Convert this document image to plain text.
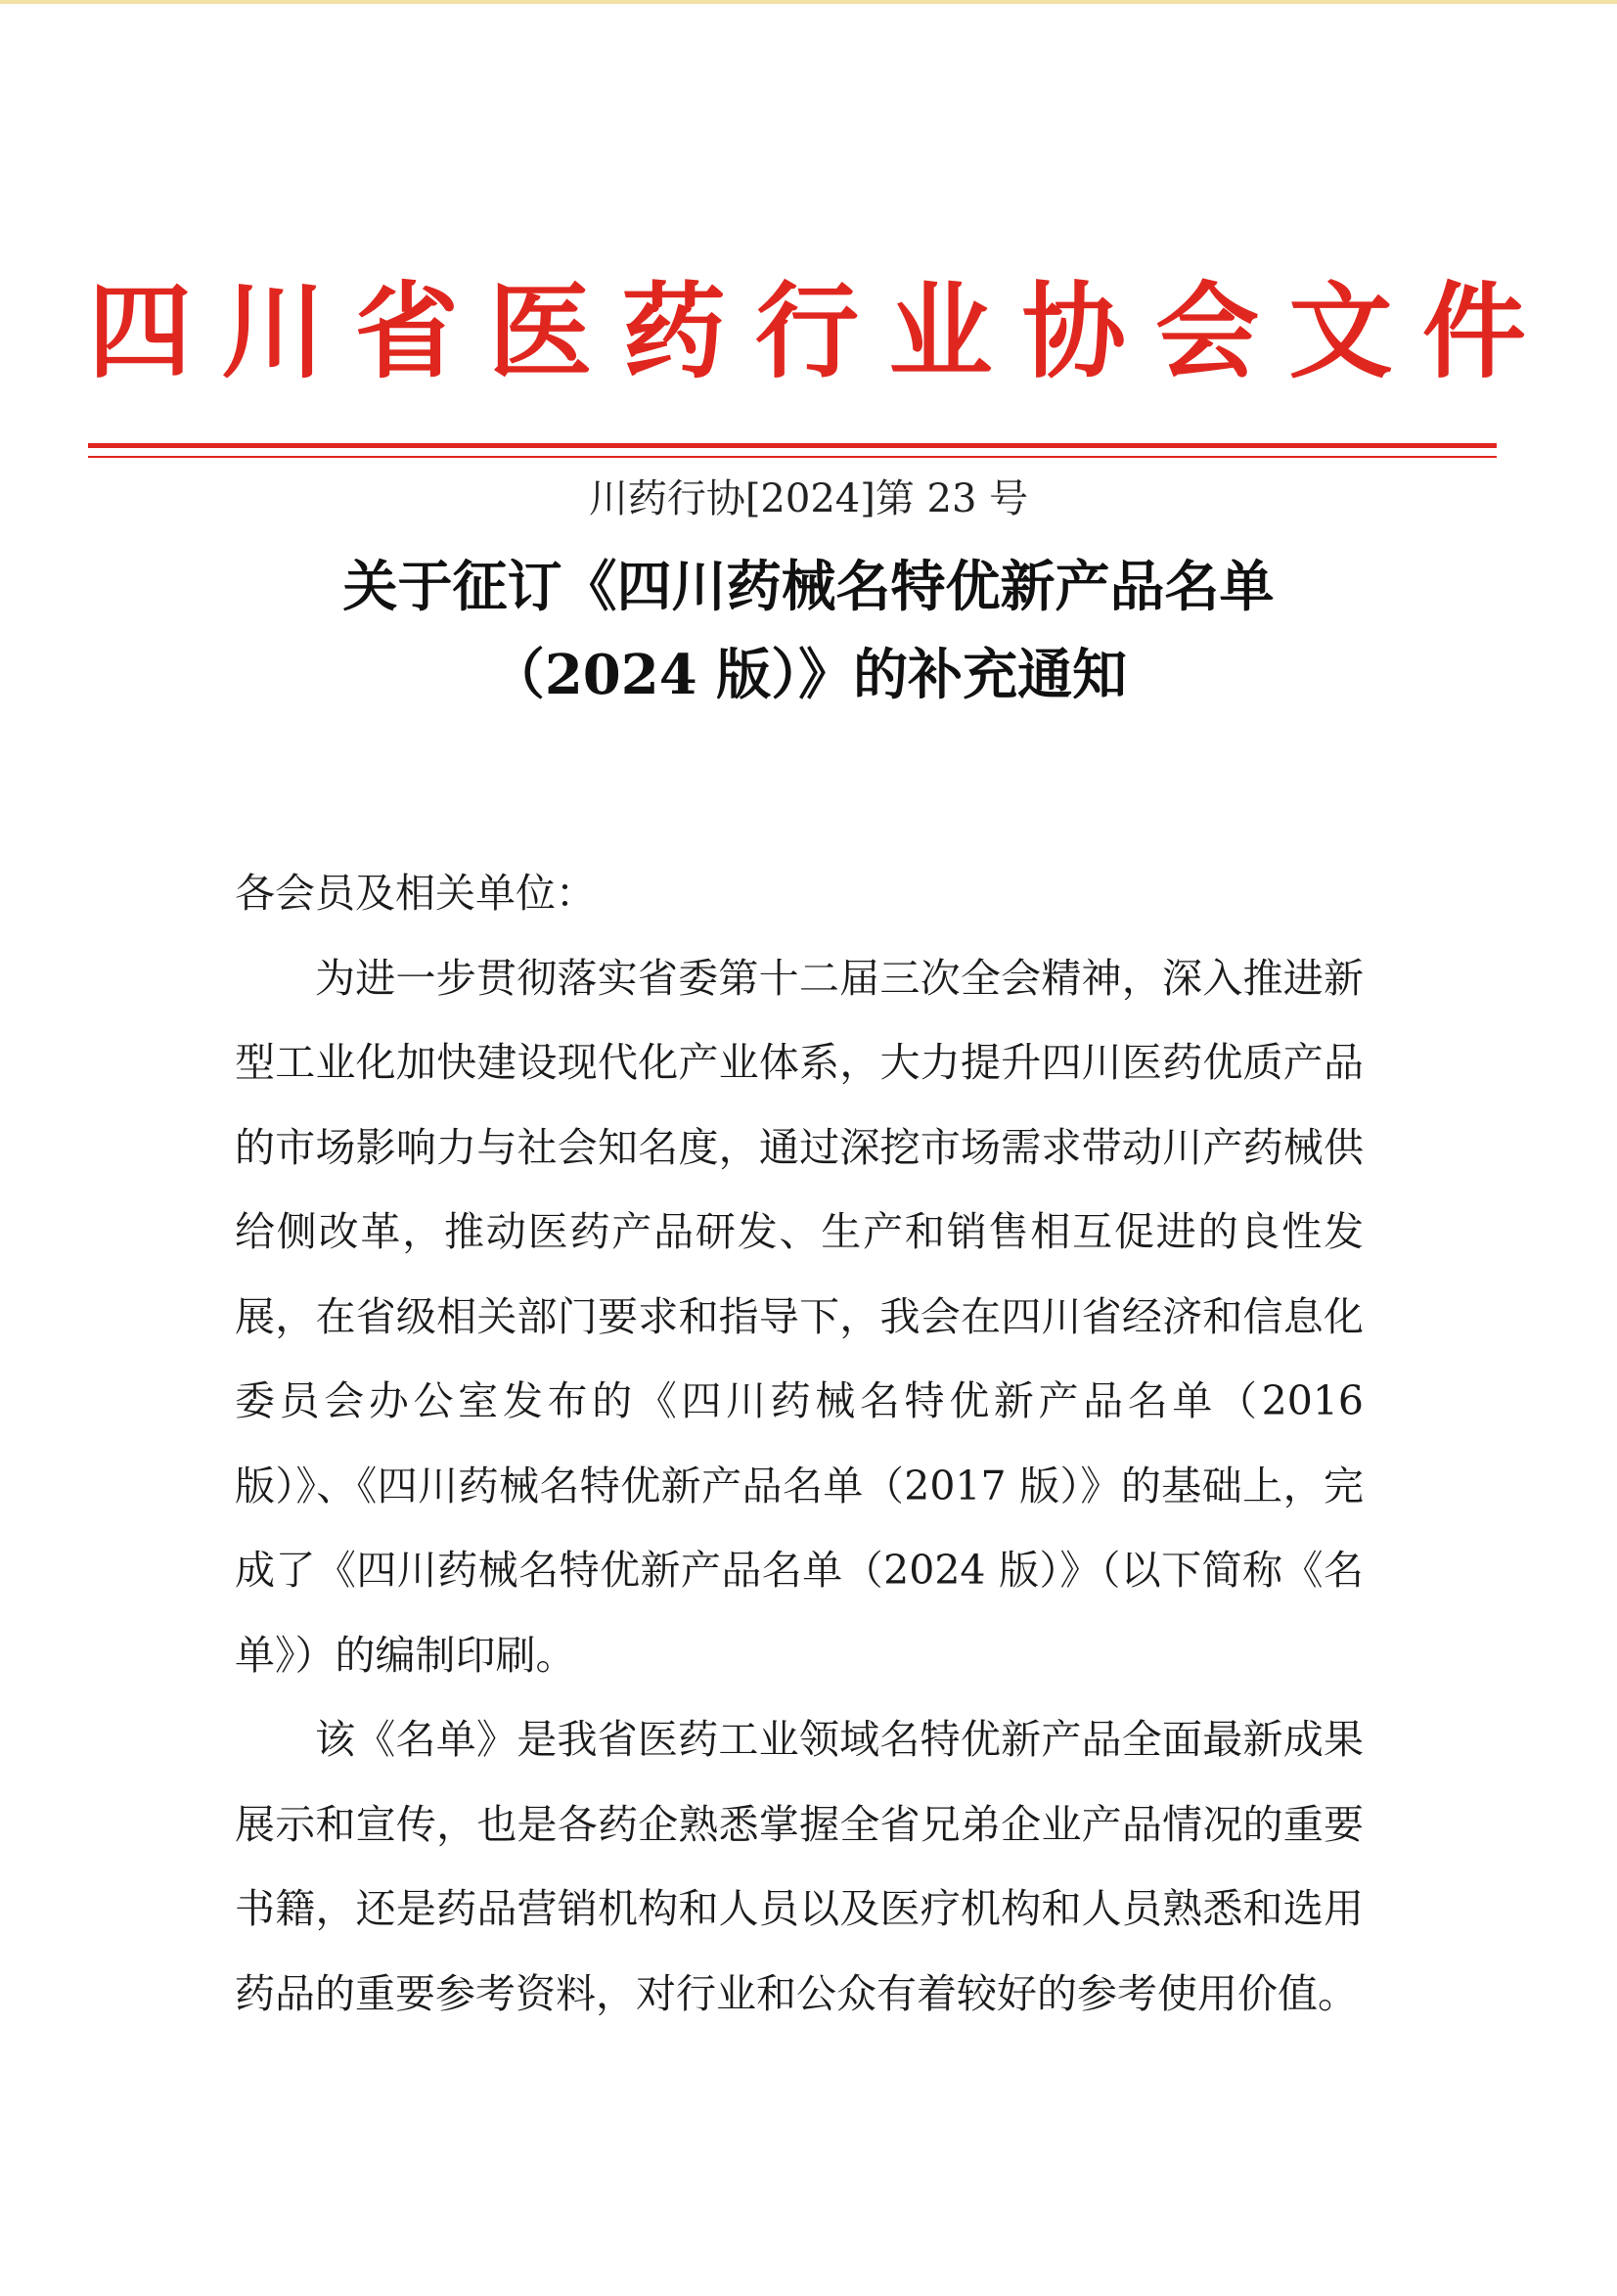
四 川 省 医 药 行 业 协 会 文 件
川药行协[2024]第 23 号
关于征订《四川药械名特优新产品名单
（2024 版）》的补充通知

各会员及相关单位：

为进一步贯彻落实省委第十二届三次全会精神，深入推进新型工业化加快建设现代化产业体系，大力提升四川医药优质产品的市场影响力与社会知名度，通过深挖市场需求带动川产药械供给侧改革，推动医药产品研发、生产和销售相互促进的良性发展，在省级相关部门要求和指导下，我会在四川省经济和信息化委员会办公室发布的《四川药械名特优新产品名单（2016 版）》、《四川药械名特优新产品名单（2017 版）》的基础上，完成了《四川药械名特优新产品名单（2024 版）》（以下简称《名单》）的编制印刷。

该《名单》是我省医药工业领域名特优新产品全面最新成果展示和宣传，也是各药企熟悉掌握全省兄弟企业产品情况的重要书籍，还是药品营销机构和人员以及医疗机构和人员熟悉和选用药品的重要参考资料，对行业和公众有着较好的参考使用价值。
